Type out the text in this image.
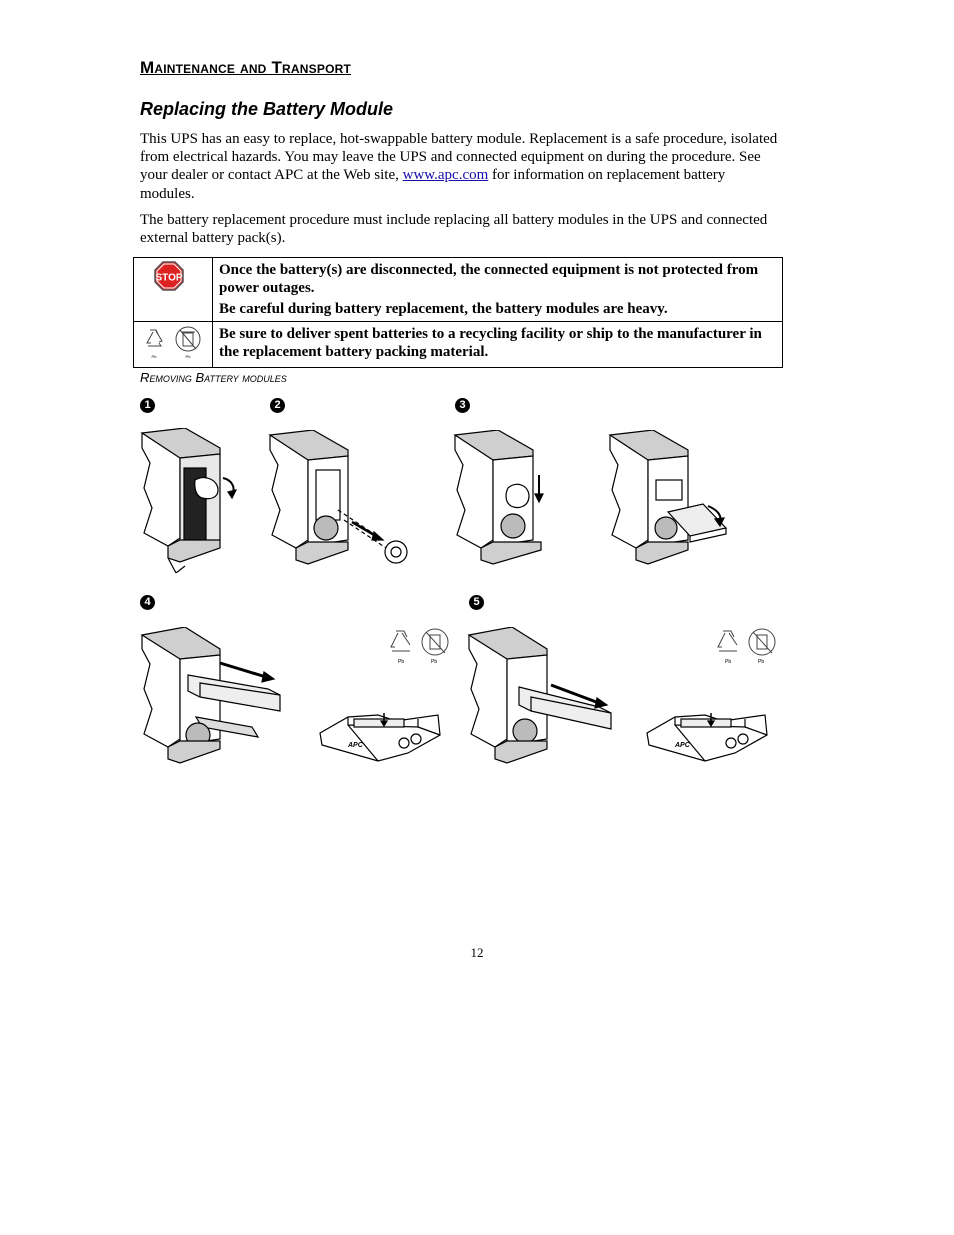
Maintenance and Transport
Replacing the Battery Module

This UPS has an easy to replace, hot-swappable battery module. Replacement is a safe procedure, isolated from electrical hazards. You may leave the UPS and connected equipment on during the procedure. See your dealer or contact APC at the Web site, www.apc.com for information on replacement battery modules.

The battery replacement procedure must include replacing all battery modules in the UPS and connected external battery pack(s).

STOP	Once the battery(s) are disconnected, the connected equipment is not protected from power outages.

Be careful during battery replacement, the battery modules are heavy.

Pb Pb	Be sure to deliver spent batteries to a recycling facility or ship to the manufacturer in the replacement battery packing material.
Removing Battery modules
1	2	3
4	5
Pb	Pb
APC
Pb	Pb
APC
12
